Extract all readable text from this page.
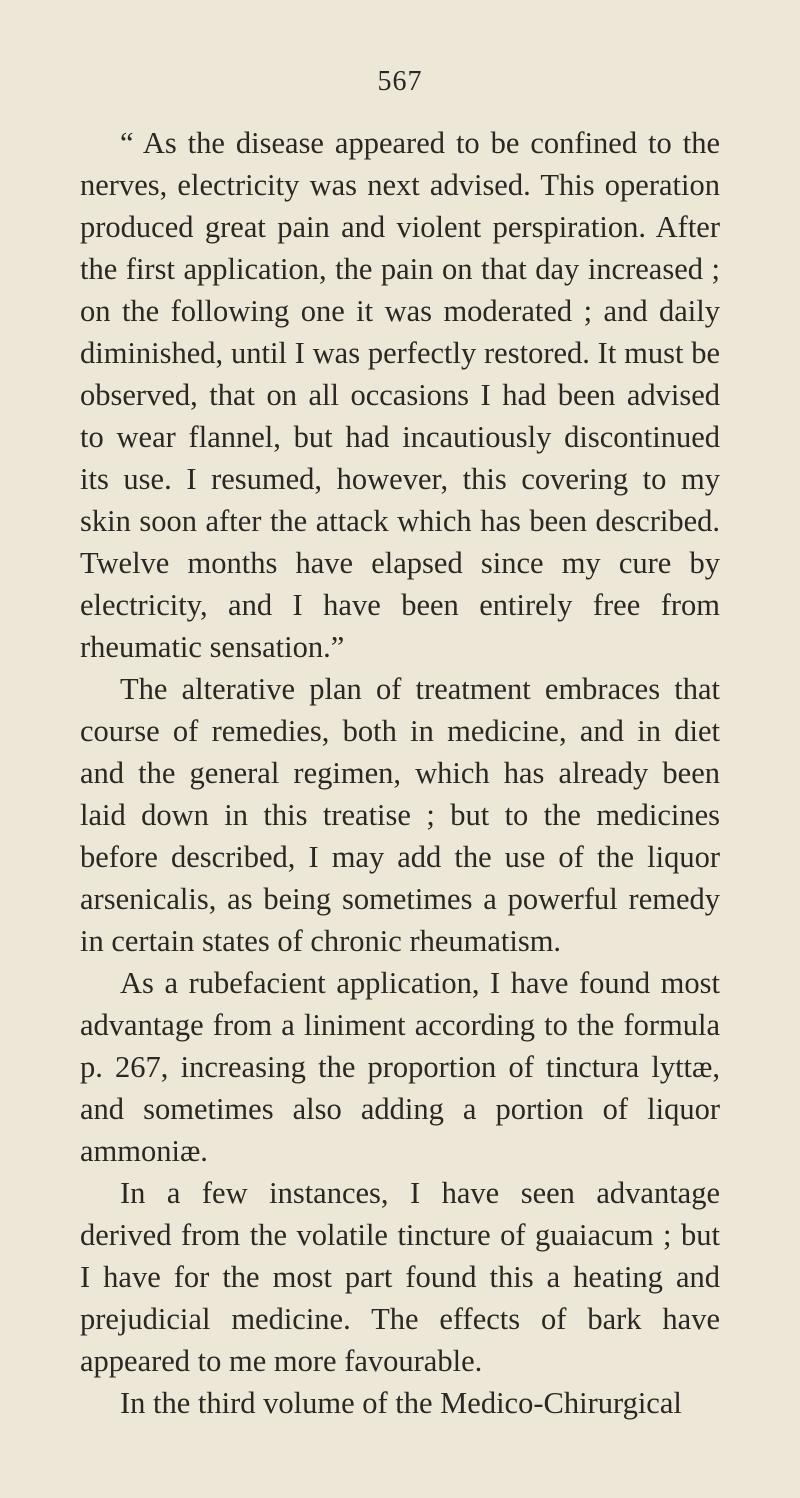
567

“ As the disease appeared to be confined to the nerves, electricity was next advised. This operation produced great pain and violent perspiration. After the first application, the pain on that day increased ; on the following one it was moderated ; and daily diminished, until I was perfectly restored. It must be observed, that on all occasions I had been advised to wear flannel, but had incautiously discontinued its use. I resumed, however, this covering to my skin soon after the attack which has been described. Twelve months have elapsed since my cure by electricity, and I have been entirely free from rheumatic sensation.”

The alterative plan of treatment embraces that course of remedies, both in medicine, and in diet and the general regimen, which has already been laid down in this treatise ; but to the medicines before described, I may add the use of the liquor arsenicalis, as being sometimes a powerful remedy in certain states of chronic rheumatism.

As a rubefacient application, I have found most advantage from a liniment according to the formula p. 267, increasing the proportion of tinctura lyttæ, and sometimes also adding a portion of liquor ammoniæ.

In a few instances, I have seen advantage derived from the volatile tincture of guaiacum ; but I have for the most part found this a heating and prejudicial medicine. The effects of bark have appeared to me more favourable.

In the third volume of the Medico-Chirurgical
